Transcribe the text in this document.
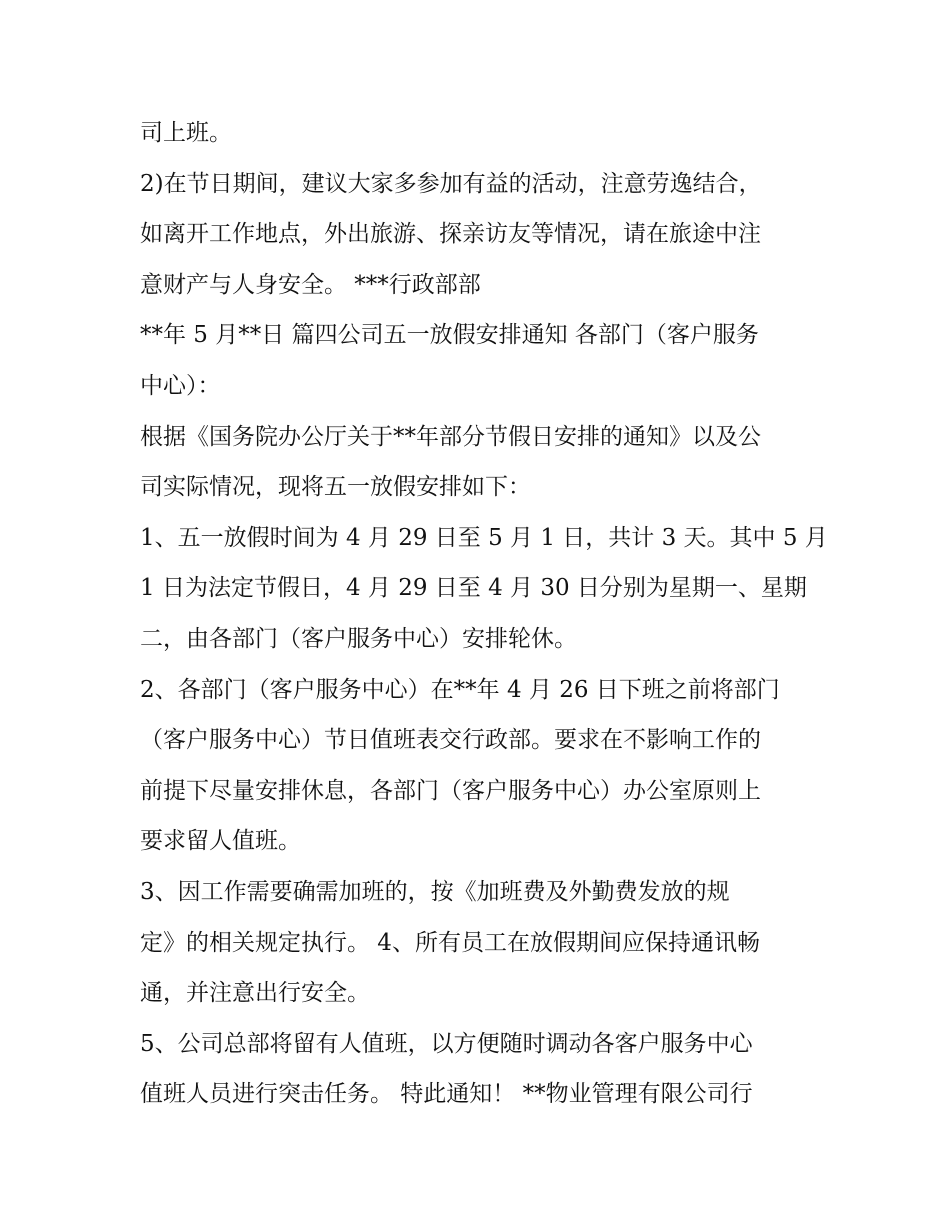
司上班。
2)在节日期间，建议大家多参加有益的活动，注意劳逸结合，
如离开工作地点，外出旅游、探亲访友等情况，请在旅途中注
意财产与人身安全。 ***行政部部
**年 5 月**日 篇四公司五一放假安排通知 各部门（客户服务
中心）：
根据《国务院办公厅关于**年部分节假日安排的通知》以及公
司实际情况，现将五一放假安排如下：
1、五一放假时间为 4 月 29 日至 5 月 1 日，共计 3 天。其中 5 月
1 日为法定节假日，4 月 29 日至 4 月 30 日分别为星期一、星期
二，由各部门（客户服务中心）安排轮休。
2、各部门（客户服务中心）在**年 4 月 26 日下班之前将部门
（客户服务中心）节日值班表交行政部。要求在不影响工作的
前提下尽量安排休息，各部门（客户服务中心）办公室原则上
要求留人值班。
3、因工作需要确需加班的，按《加班费及外勤费发放的规
定》的相关规定执行。 4、所有员工在放假期间应保持通讯畅
通，并注意出行安全。
5、公司总部将留有人值班，以方便随时调动各客户服务中心
值班人员进行突击任务。 特此通知！ **物业管理有限公司行
